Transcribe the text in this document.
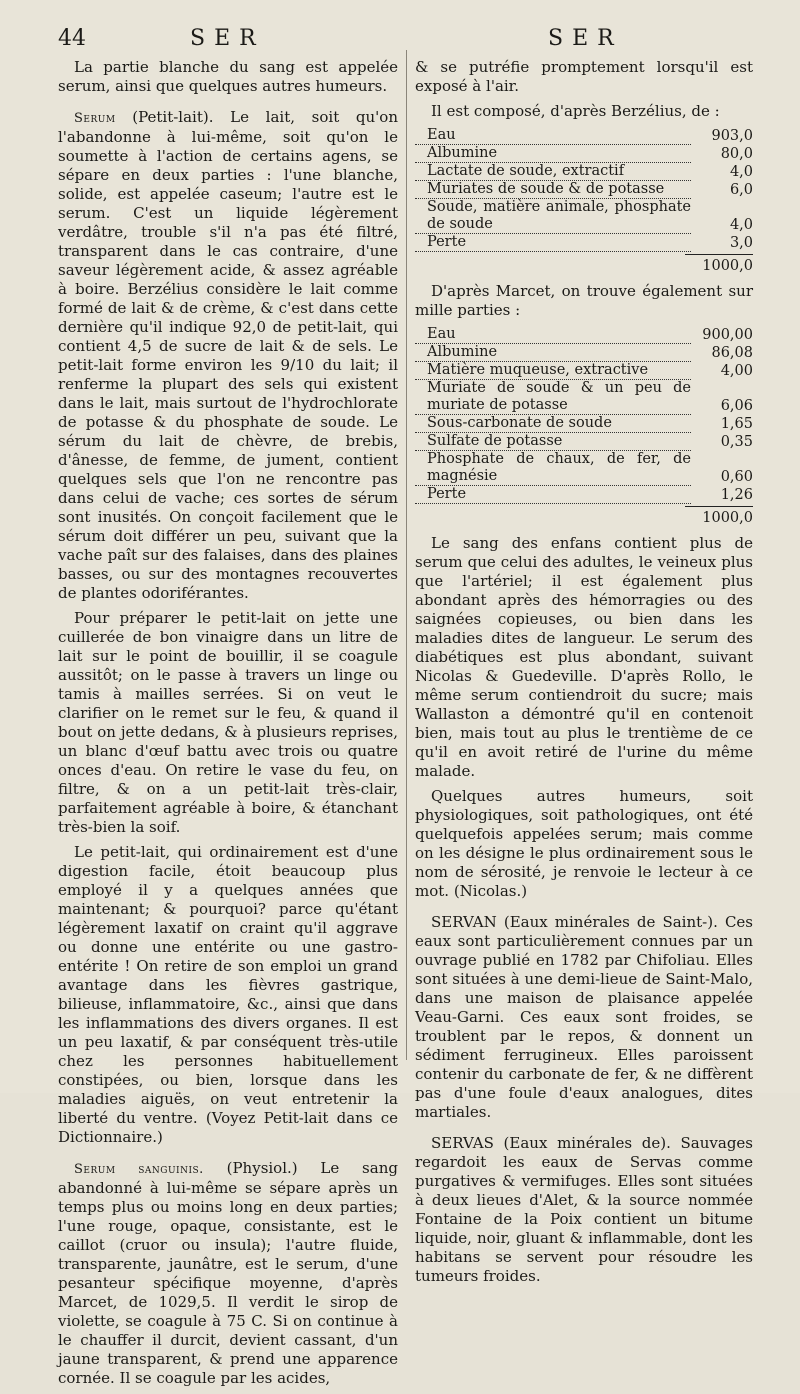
44	SER	SER

La partie blanche du sang est appelée serum, ainsi que quelques autres humeurs.

Serum (Petit-lait). Le lait, soit qu'on l'abandonne à lui-même, soit qu'on le soumette à l'action de certains agens, se sépare en deux parties : l'une blanche, solide, est appelée caseum; l'autre est le serum. C'est un liquide légèrement verdâtre, trouble s'il n'a pas été filtré, transparent dans le cas contraire, d'une saveur légèrement acide, & assez agréable à boire. Berzélius considère le lait comme formé de lait & de crème, & c'est dans cette dernière qu'il indique 92,0 de petit-lait, qui contient 4,5 de sucre de lait & de sels. Le petit-lait forme environ les 9/10 du lait; il renferme la plupart des sels qui existent dans le lait, mais surtout de l'hydrochlorate de potasse & du phosphate de soude. Le sérum du lait de chèvre, de brebis, d'ânesse, de femme, de jument, contient quelques sels que l'on ne rencontre pas dans celui de vache; ces sortes de sérum sont inusités. On conçoit facilement que le sérum doit différer un peu, suivant que la vache paît sur des falaises, dans des plaines basses, ou sur des montagnes recouvertes de plantes odoriférantes.

Pour préparer le petit-lait on jette une cuillerée de bon vinaigre dans un litre de lait sur le point de bouillir, il se coagule aussitôt; on le passe à travers un linge ou tamis à mailles serrées. Si on veut le clarifier on le remet sur le feu, & quand il bout on jette dedans, & à plusieurs reprises, un blanc d'œuf battu avec trois ou quatre onces d'eau. On retire le vase du feu, on filtre, & on a un petit-lait très-clair, parfaitement agréable à boire, & étanchant très-bien la soif.

Le petit-lait, qui ordinairement est d'une digestion facile, étoit beaucoup plus employé il y a quelques années que maintenant; & pourquoi? parce qu'étant légèrement laxatif on craint qu'il aggrave ou donne une entérite ou une gastro-entérite ! On retire de son emploi un grand avantage dans les fièvres gastrique, bilieuse, inflammatoire, &c., ainsi que dans les inflammations des divers organes. Il est un peu laxatif, & par conséquent très-utile chez les personnes habituellement constipées, ou bien, lorsque dans les maladies aiguës, on veut entretenir la liberté du ventre. (Voyez Petit-lait dans ce Dictionnaire.)

Serum sanguinis. (Physiol.) Le sang abandonné à lui-même se sépare après un temps plus ou moins long en deux parties; l'une rouge, opaque, consistante, est le caillot (cruor ou insula); l'autre fluide, transparente, jaunâtre, est le serum, d'une pesanteur spécifique moyenne, d'après Marcet, de 1029,5. Il verdit le sirop de violette, se coagule à 75 C. Si on continue à le chauffer il durcit, devient cassant, d'un jaune transparent, & prend une apparence cornée. Il se coagule par les acides,

& se putréfie promptement lorsqu'il est exposé à l'air.

Il est composé, d'après Berzélius, de :

Eau	903,0
Albumine	80,0
Lactate de soude, extractif	4,0
Muriates de soude & de potasse	6,0
Soude, matière animale, phosphate de soude	4,0
Perte	3,0
1000,0

D'après Marcet, on trouve également sur mille parties :

Eau	900,00
Albumine	86,08
Matière muqueuse, extractive	4,00
Muriate de soude & un peu de muriate de potasse	6,06
Sous-carbonate de soude	1,65
Sulfate de potasse	0,35
Phosphate de chaux, de fer, de magnésie	0,60
Perte	1,26
1000,0

Le sang des enfans contient plus de serum que celui des adultes, le veineux plus que l'artériel; il est également plus abondant après des hémorragies ou des saignées copieuses, ou bien dans les maladies dites de langueur. Le serum des diabétiques est plus abondant, suivant Nicolas & Guedeville. D'après Rollo, le même serum contiendroit du sucre; mais Wallaston a démontré qu'il en contenoit bien, mais tout au plus le trentième de ce qu'il en avoit retiré de l'urine du même malade.

Quelques autres humeurs, soit physiologiques, soit pathologiques, ont été quelquefois appelées serum; mais comme on les désigne le plus ordinairement sous le nom de sérosité, je renvoie le lecteur à ce mot. (Nicolas.)

SERVAN (Eaux minérales de Saint-). Ces eaux sont particulièrement connues par un ouvrage publié en 1782 par Chifoliau. Elles sont situées à une demi-lieue de Saint-Malo, dans une maison de plaisance appelée Veau-Garni. Ces eaux sont froides, se troublent par le repos, & donnent un sédiment ferrugineux. Elles paroissent contenir du carbonate de fer, & ne diffèrent pas d'une foule d'eaux analogues, dites martiales.

SERVAS (Eaux minérales de). Sauvages regardoit les eaux de Servas comme purgatives & vermifuges. Elles sont situées à deux lieues d'Alet, & la source nommée Fontaine de la Poix contient un bitume liquide, noir, gluant & inflammable, dont les habitans se servent pour résoudre les tumeurs froides.
